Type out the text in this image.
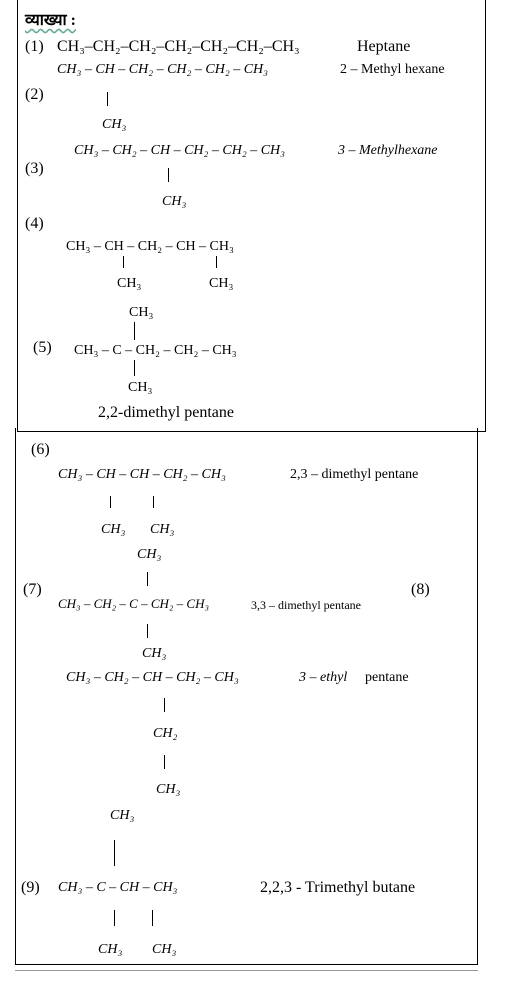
व्याख्या :
(1) CH₃–CH₂–CH₂–CH₂–CH₂–CH₂–CH₃	Heptane
CH₃ – CH – CH₂ – CH₂ – CH₂ – CH₃	2 – Methyl hexane
(2)
CH₃
CH₃ – CH₂ – CH – CH₂ – CH₂ – CH₃	3 – Methylhexane
(3)
CH₃
(4)
CH₃ – CH – CH₂ – CH – CH₃
CH₃	CH₃
CH₃
(5) CH₃ – C – CH₂ – CH₂ – CH₃
CH₃
2,2-dimethyl pentane
(6)
CH₃ – CH – CH – CH₂ – CH₃	2,3 – dimethyl pentane
CH₃ CH₃
CH₃
(7)
CH₃ – CH₂ – C – CH₂ – CH₃	3,3 – dimethyl pentane
(8)
CH₃
CH₃ – CH₂ – CH – CH₂ – CH₃	3 – ethyl pentane
CH₂
CH₃
CH₃
(9) CH₃ – C – CH – CH₃	2,2,3 - Trimethyl butane
CH₃ CH₃
